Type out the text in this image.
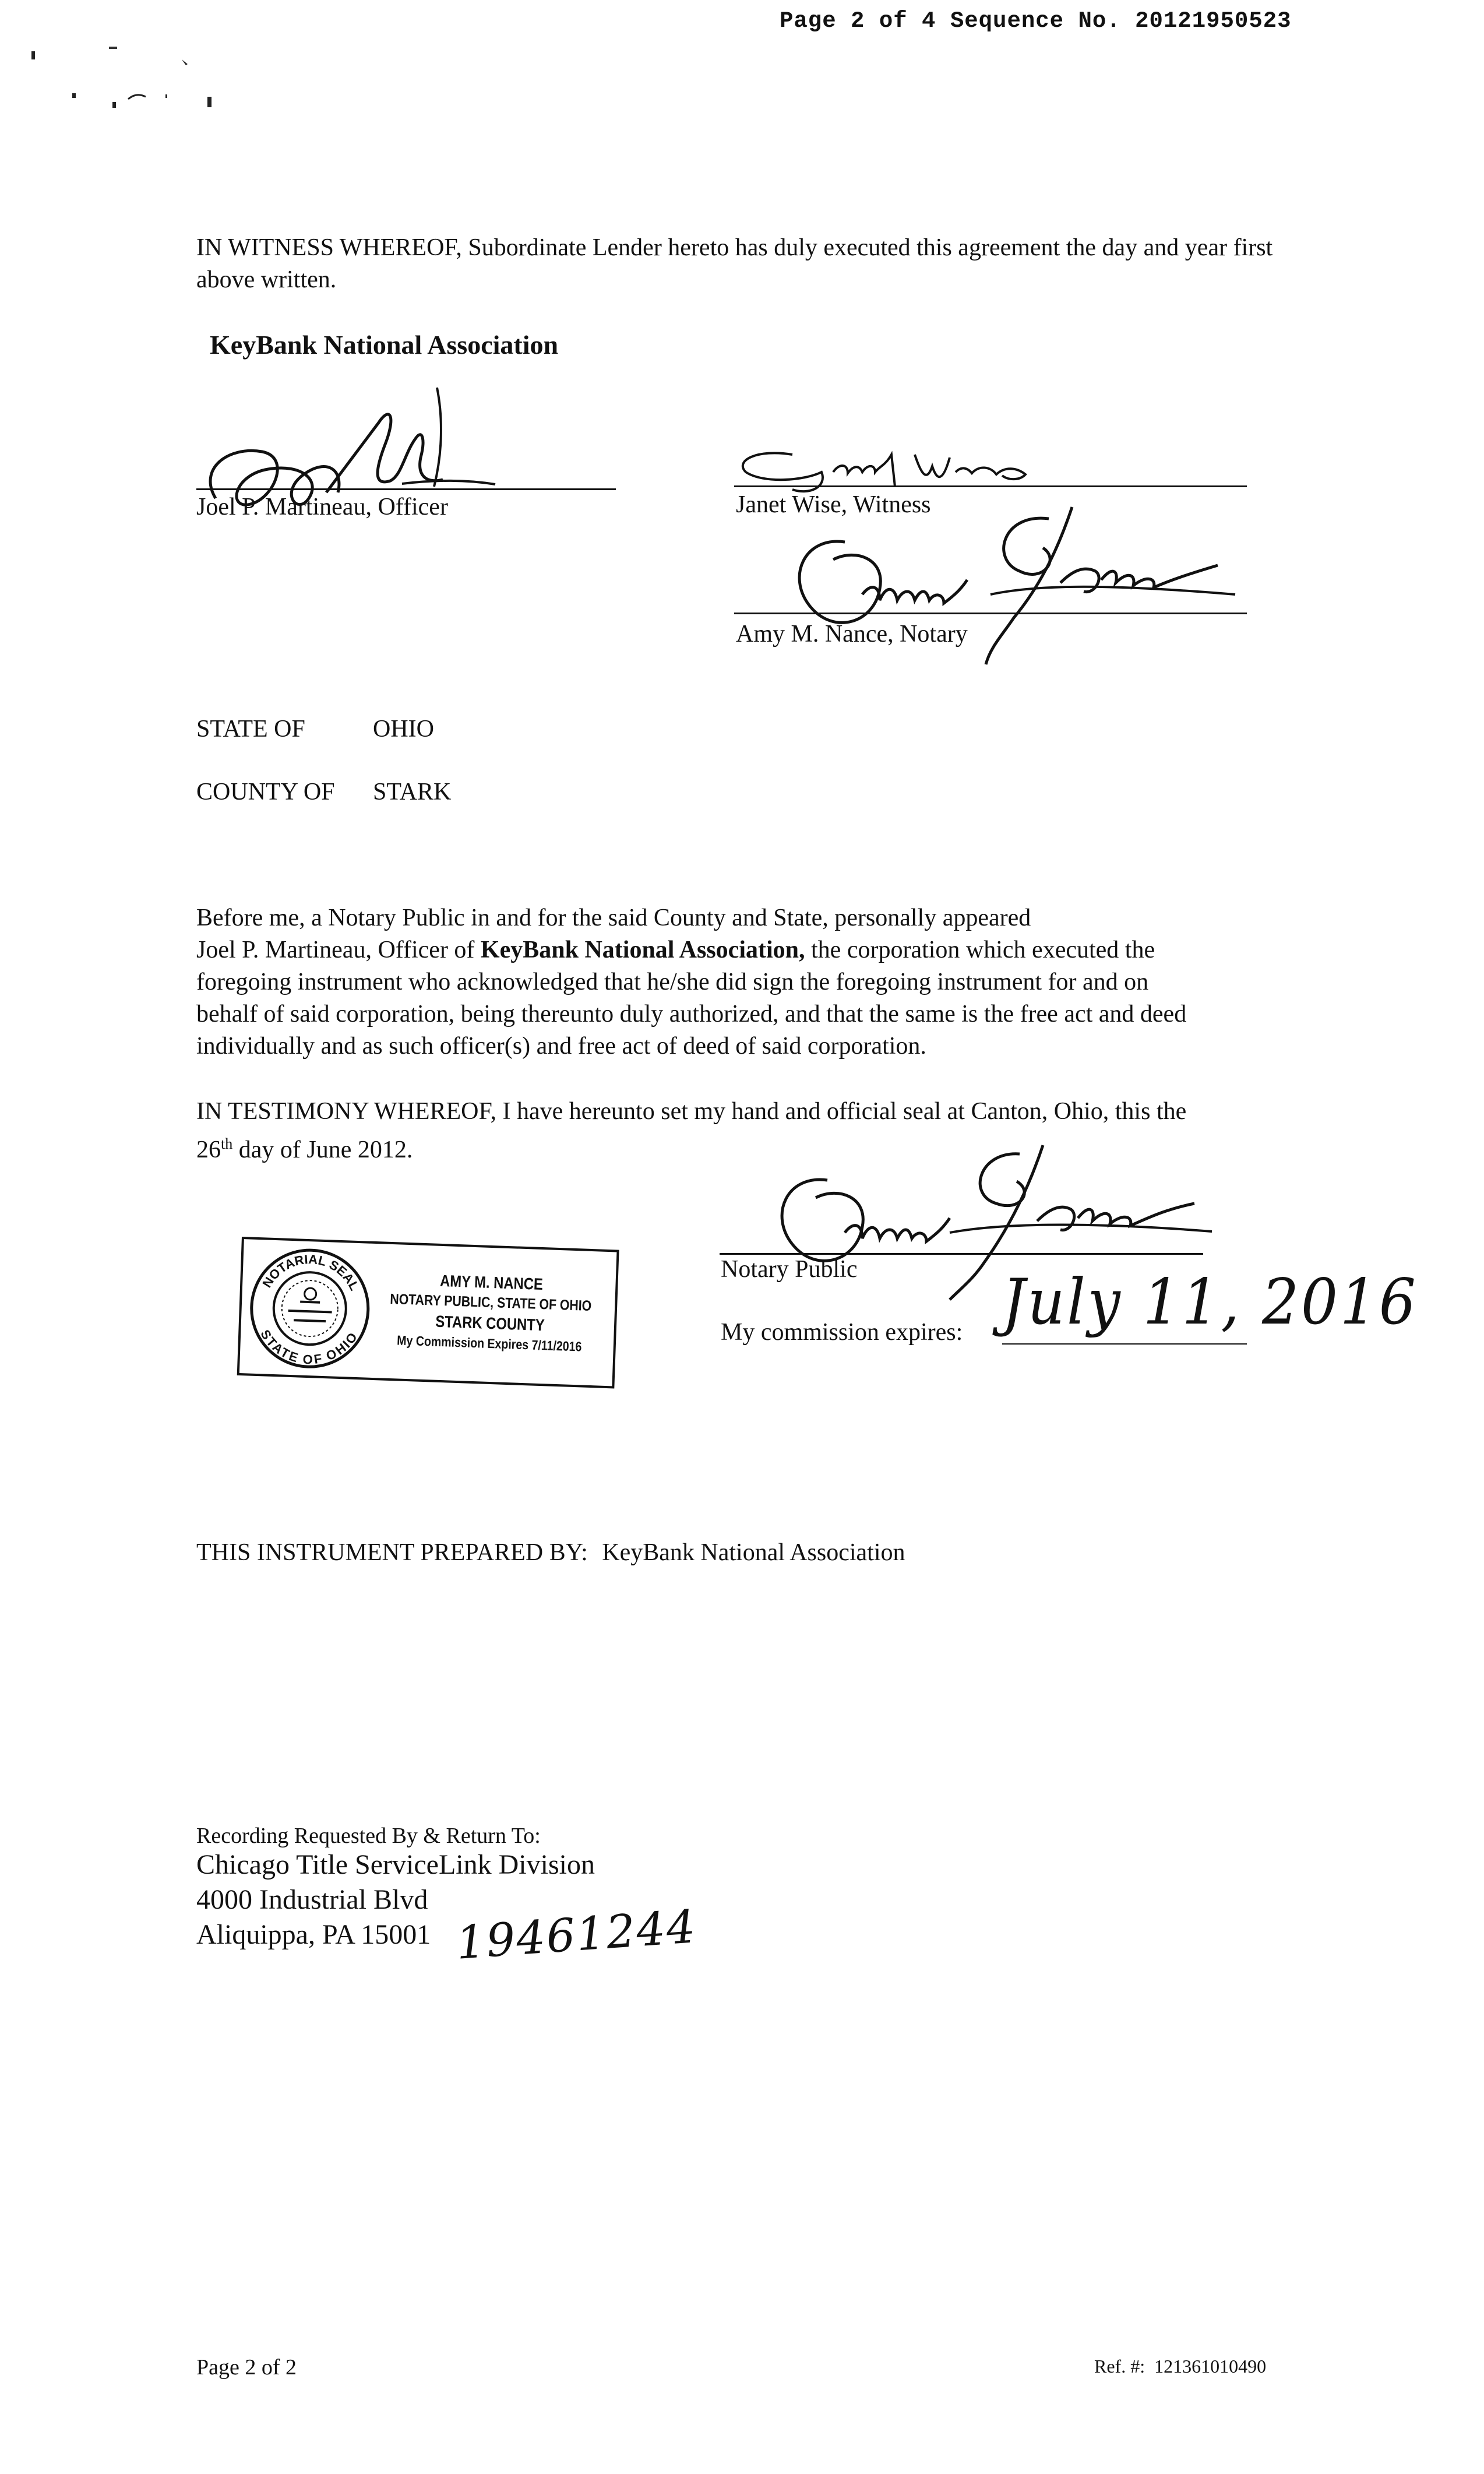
Page 2 of 4 Sequence No. 20121950523
IN WITNESS WHEREOF, Subordinate Lender hereto has duly executed this agreement the day and year first above written.
KeyBank National Association
Joel P. Martineau, Officer	Janet Wise, Witness
Amy M. Nance, Notary
STATE OF	OHIO
COUNTY OF STARK
Before me, a Notary Public in and for the said County and State, personally appeared
Joel P. Martineau, Officer of KeyBank National Association, the corporation which executed the
foregoing instrument who acknowledged that he/she did sign the foregoing instrument for and on
behalf of said corporation, being thereunto duly authorized, and that the same is the free act and deed
individually and as such officer(s) and free act of deed of said corporation.
IN TESTIMONY WHEREOF, I have hereunto set my hand and official seal at Canton, Ohio, this the
26th day of June 2012.
NOTARIAL SEAL
STATE OF OHIO
AMY M. NANCE
NOTARY PUBLIC, STATE OF OHIO
STARK COUNTY
My Commission Expires 7/11/2016
Notary Public
My commission expires: July 11, 2016
THIS INSTRUMENT PREPARED BY: KeyBank National Association
Recording Requested By & Return To:
Chicago Title ServiceLink Division
4000 Industrial Blvd
Aliquippa, PA 15001 19461244
Page 2 of 2	Ref. #:  121361010490
